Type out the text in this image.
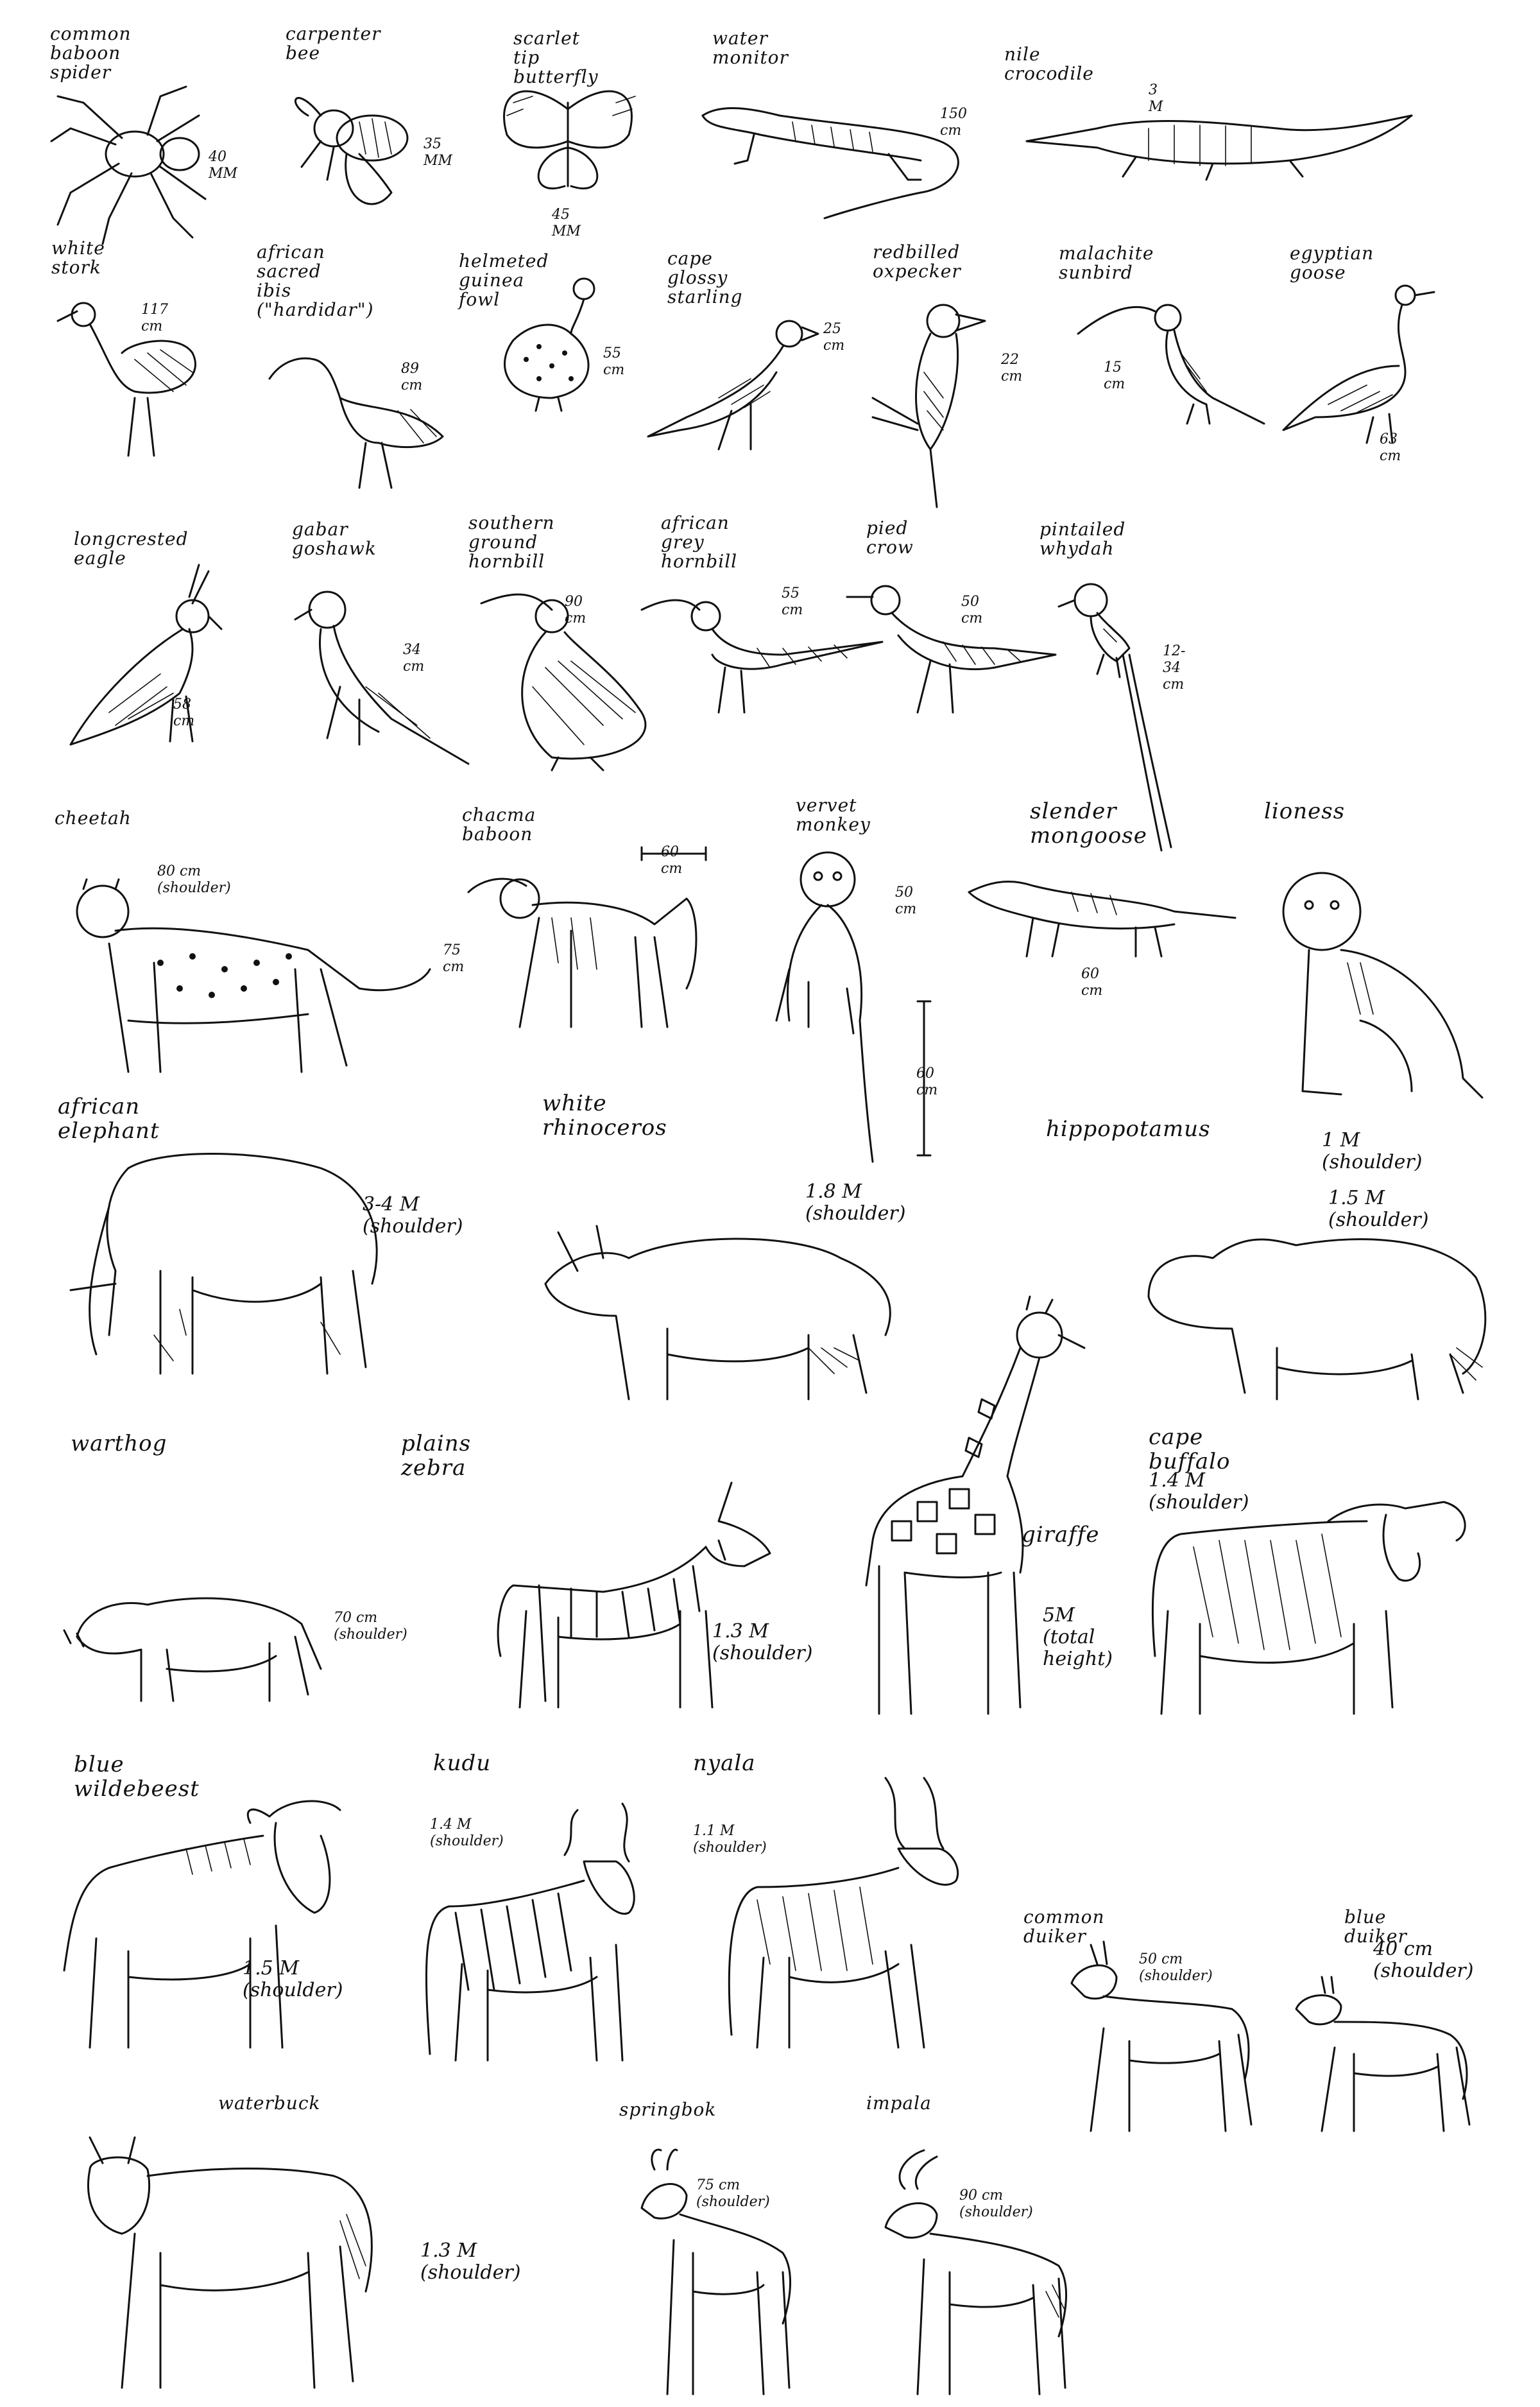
common
baboon
spider
40 MM
carpenter
bee
35 MM
scarlet
tip butterfly
45 MM
water
monitor
150 cm
nile
crocodile
3 M
white
stork
117 cm
african
sacred
ibis
("hardidar")
89 cm
helmeted
guinea
fowl
55 cm
cape glossy
starling
25 cm
redbilled
oxpecker
22 cm
malachite
sunbird
15 cm
egyptian
goose
63 cm
longcrested
eagle
58 cm
gabar
goshawk
34 cm
southern
ground
hornbill
90 cm
african
grey
hornbill
55 cm
pied
crow
50 cm
pintailed
whydah
12-34 cm
cheetah
80 cm (shoulder)
chacma
baboon
60 cm
75 cm
vervet
monkey
50 cm
60 cm
slender
mongoose
60 cm
lioness
african
elephant
3-4 M (shoulder)
white
rhinoceros
1.8 M (shoulder)
hippopotamus	1 M (shoulder)
1.5 M (shoulder)
warthog
70 cm (shoulder)
plains
zebra
1.3 M
(shoulder)
giraffe
5M
(total
height)
cape buffalo
1.4 M (shoulder)
blue wildebeest
1.5 M (shoulder)
kudu
1.4 M (shoulder)
nyala
1.1 M (shoulder)
common duiker
50 cm (shoulder)
blue duiker
40 cm (shoulder)
waterbuck
1.3 M (shoulder)
springbok
75 cm (shoulder)
impala
90 cm (shoulder)
